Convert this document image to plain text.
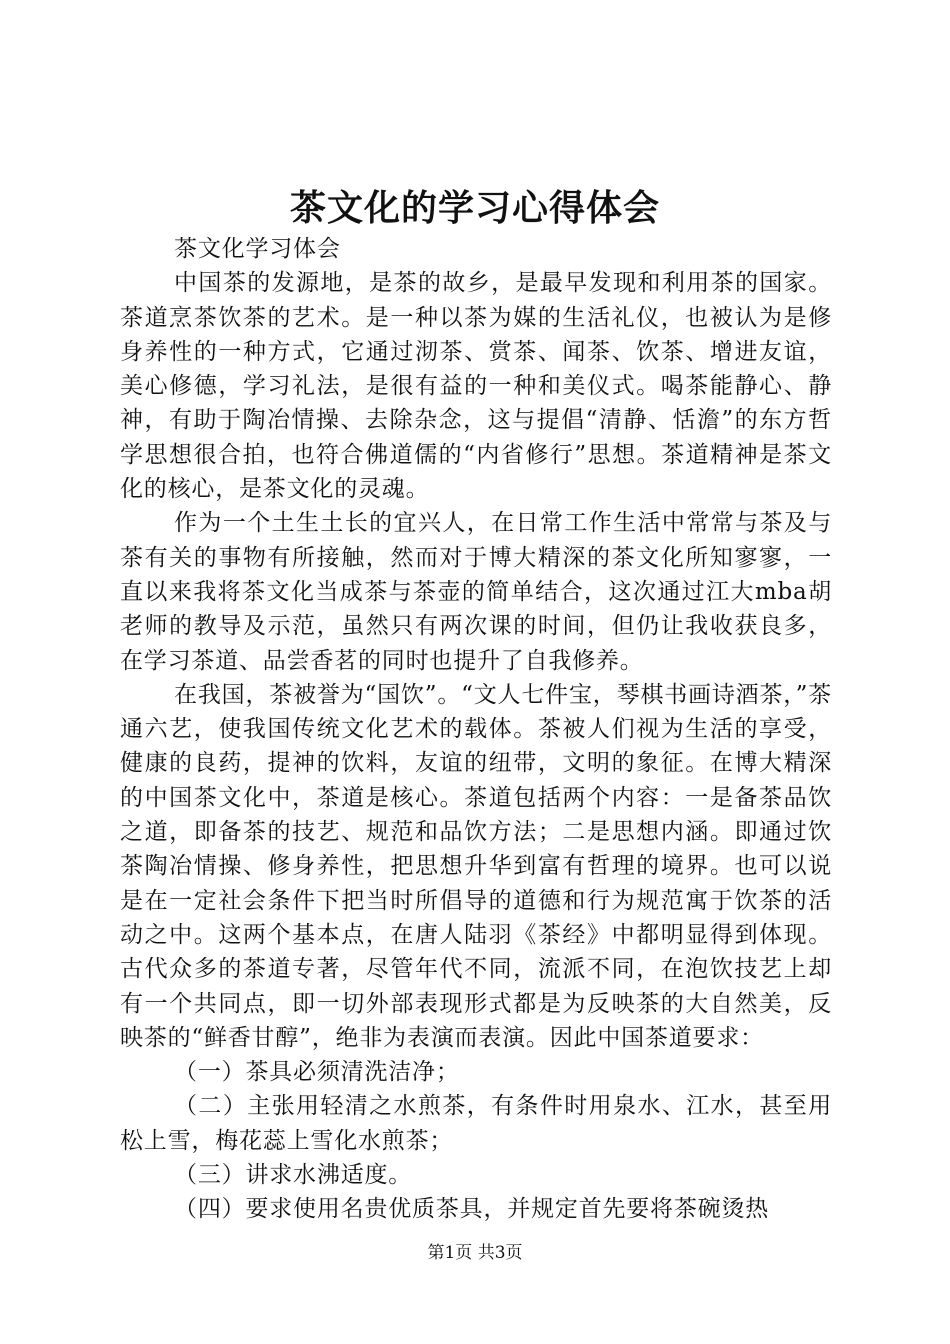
茶文化的学习心得体会

茶文化学习体会

中国茶的发源地，是茶的故乡，是最早发现和利用茶的国家。茶道烹茶饮茶的艺术。是一种以茶为媒的生活礼仪，也被认为是修身养性的一种方式，它通过沏茶、赏茶、闻茶、饮茶、增进友谊，美心修德，学习礼法，是很有益的一种和美仪式。喝茶能静心、静神，有助于陶冶情操、去除杂念，这与提倡“清静、恬澹”的东方哲学思想很合拍，也符合佛道儒的“内省修行”思想。茶道精神是茶文化的核心，是茶文化的灵魂。

作为一个土生土长的宜兴人，在日常工作生活中常常与茶及与茶有关的事物有所接触，然而对于博大精深的茶文化所知寥寥，一直以来我将茶文化当成茶与茶壶的简单结合，这次通过江大mba胡老师的教导及示范，虽然只有两次课的时间，但仍让我收获良多，在学习茶道、品尝香茗的同时也提升了自我修养。

在我国，茶被誉为“国饮”。“文人七件宝，琴棋书画诗酒茶，”茶通六艺，使我国传统文化艺术的载体。茶被人们视为生活的享受，健康的良药，提神的饮料，友谊的纽带，文明的象征。在博大精深的中国茶文化中，茶道是核心。茶道包括两个内容：一是备茶品饮之道，即备茶的技艺、规范和品饮方法；二是思想内涵。即通过饮茶陶冶情操、修身养性，把思想升华到富有哲理的境界。也可以说是在一定社会条件下把当时所倡导的道德和行为规范寓于饮茶的活动之中。这两个基本点，在唐人陆羽《茶经》中都明显得到体现。古代众多的茶道专著，尽管年代不同，流派不同，在泡饮技艺上却有一个共同点，即一切外部表现形式都是为反映茶的大自然美，反映茶的“鲜香甘醇”，绝非为表演而表演。因此中国茶道要求：

（一）茶具必须清洗洁净；

（二）主张用轻清之水煎茶，有条件时用泉水、江水，甚至用松上雪，梅花蕊上雪化水煎茶；

（三）讲求水沸适度。

（四）要求使用名贵优质茶具，并规定首先要将茶碗烫热

第1页 共3页
